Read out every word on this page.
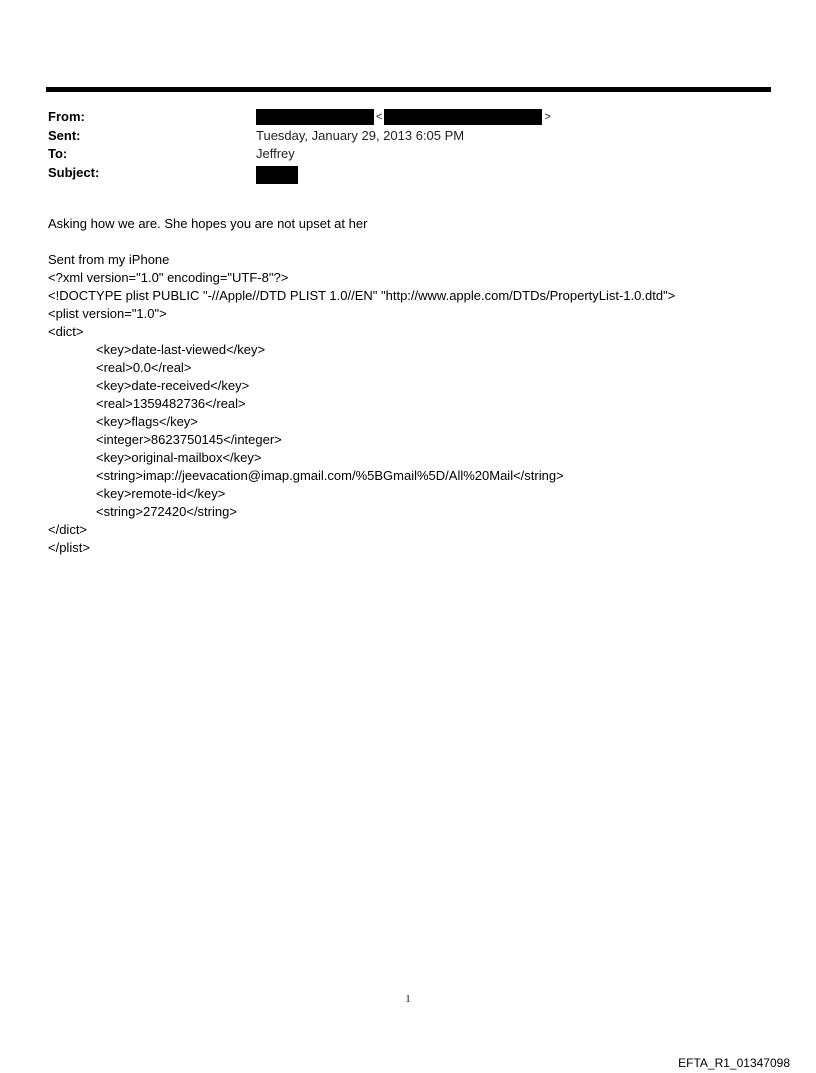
From:	<	>
Sent:	Tuesday, January 29, 2013 6:05 PM
To:	Jeffrey
Subject:
Asking how we are. She hopes you are not upset at her
Sent from my iPhone
<?xml version="1.0" encoding="UTF-8"?>
<!DOCTYPE plist PUBLIC "-//Apple//DTD PLIST 1.0//EN" "http://www.apple.com/DTDs/PropertyList-1.0.dtd">
<plist version="1.0">
<dict>
<key>date-last-viewed</key>
<real>0.0</real>
<key>date-received</key>
<real>1359482736</real>
<key>flags</key>
<integer>8623750145</integer>
<key>original-mailbox</key>
<string>imap://jeevacation@imap.gmail.com/%5BGmail%5D/All%20Mail</string>
<key>remote-id</key>
<string>272420</string>
</dict>
</plist>
1
EFTA_R1_01347098
